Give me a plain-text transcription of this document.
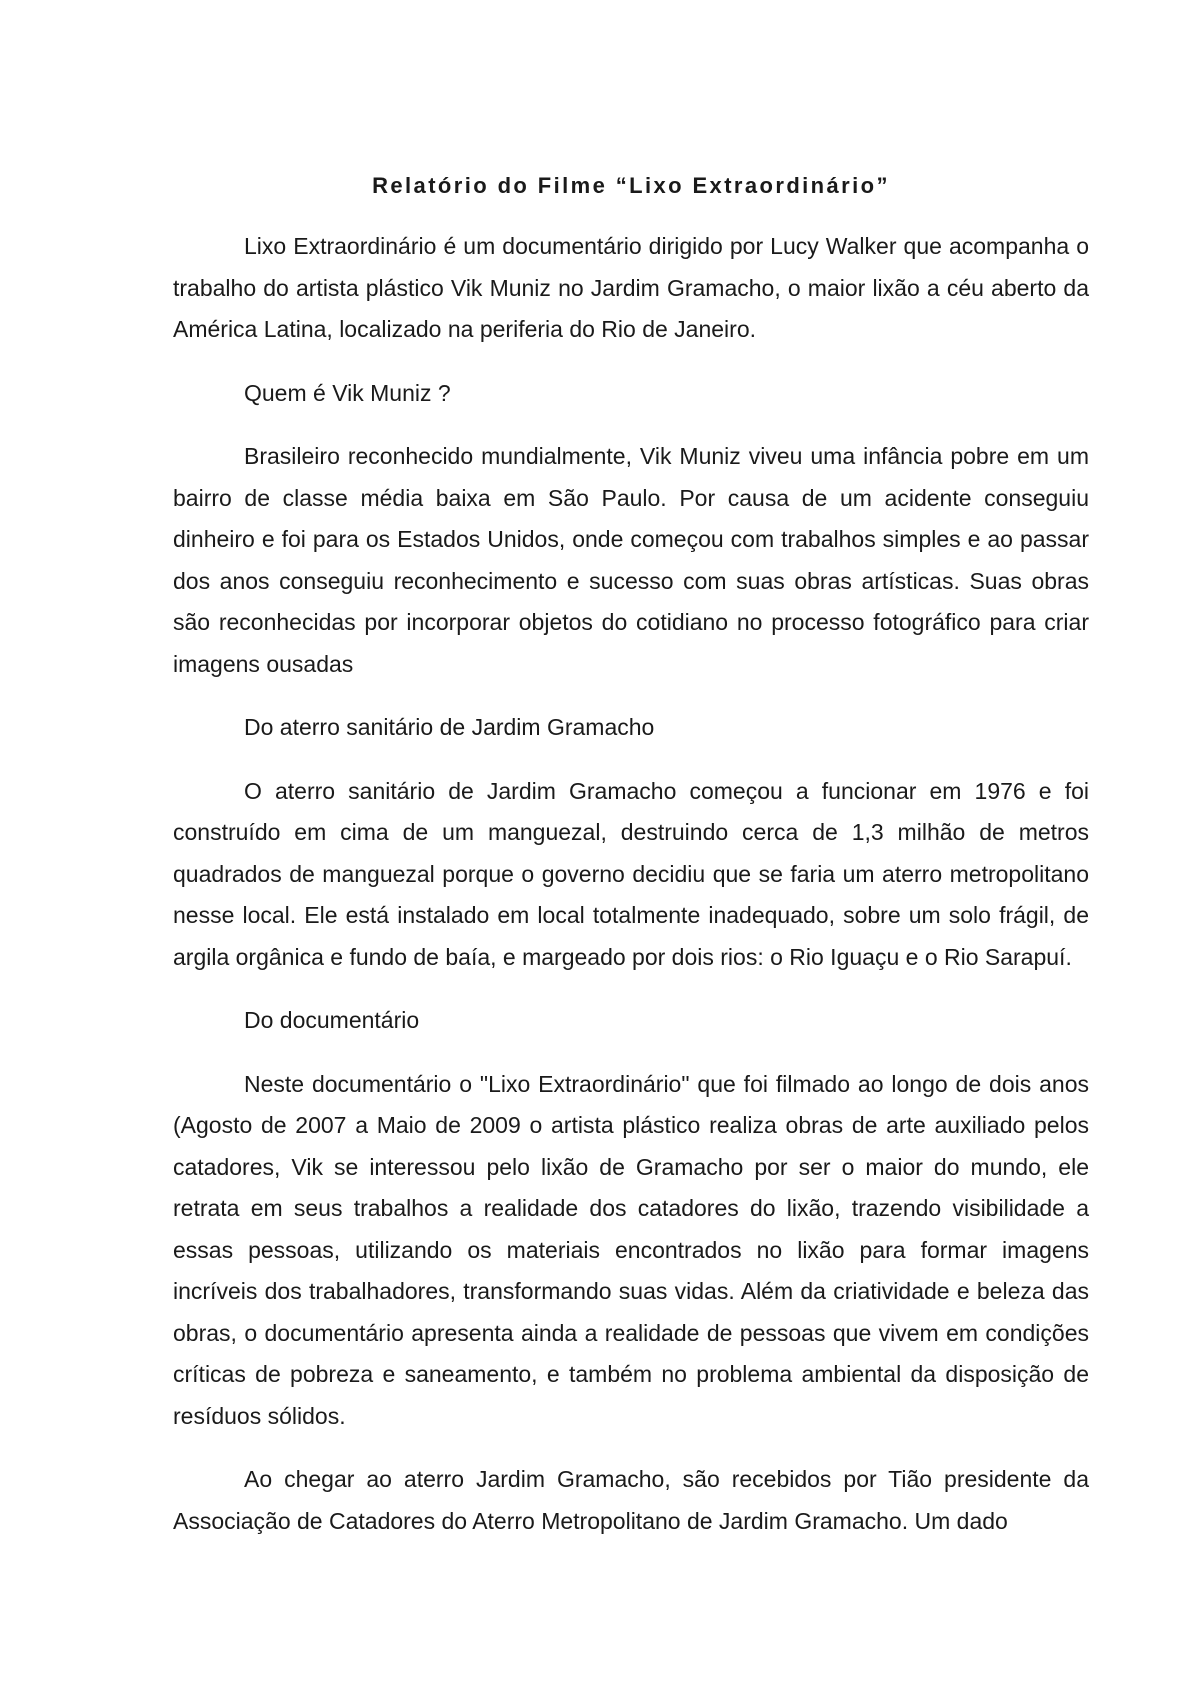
Relatório do Filme “Lixo Extraordinário”

Lixo Extraordinário é um documentário dirigido por Lucy Walker que acompanha o trabalho do artista plástico Vik Muniz no Jardim Gramacho, o maior lixão a céu aberto da América Latina, localizado na periferia do Rio de Janeiro.

Quem é Vik Muniz ?

Brasileiro reconhecido mundialmente, Vik Muniz viveu uma infância pobre em um bairro de classe média baixa em São Paulo. Por causa de um acidente conseguiu dinheiro e foi para os Estados Unidos, onde começou com trabalhos simples e ao passar dos anos conseguiu reconhecimento e sucesso com suas obras artísticas. Suas obras são reconhecidas por incorporar objetos do cotidiano no processo fotográfico para criar imagens ousadas

Do aterro sanitário de Jardim Gramacho

O aterro sanitário de Jardim Gramacho começou a funcionar em 1976 e foi construído em cima de um manguezal, destruindo cerca de 1,3 milhão de metros quadrados de manguezal porque o governo decidiu que se faria um aterro metropolitano nesse local. Ele está instalado em local totalmente inadequado, sobre um solo frágil, de argila orgânica e fundo de baía, e margeado por dois rios: o Rio Iguaçu e o Rio Sarapuí.

Do documentário

Neste documentário o "Lixo Extraordinário" que foi filmado ao longo de dois anos (Agosto de 2007 a Maio de 2009 o artista plástico realiza obras de arte auxiliado pelos catadores, Vik se interessou pelo lixão de Gramacho por ser o maior do mundo, ele retrata em seus trabalhos a realidade dos catadores do lixão, trazendo visibilidade a essas pessoas, utilizando os materiais encontrados no lixão para formar imagens incríveis dos trabalhadores, transformando suas vidas. Além da criatividade e beleza das obras, o documentário apresenta ainda a realidade de pessoas que vivem em condições críticas de pobreza e saneamento, e também no problema ambiental da disposição de resíduos sólidos.

Ao chegar ao aterro Jardim Gramacho, são recebidos por Tião presidente da Associação de Catadores do Aterro Metropolitano de Jardim Gramacho. Um dado
